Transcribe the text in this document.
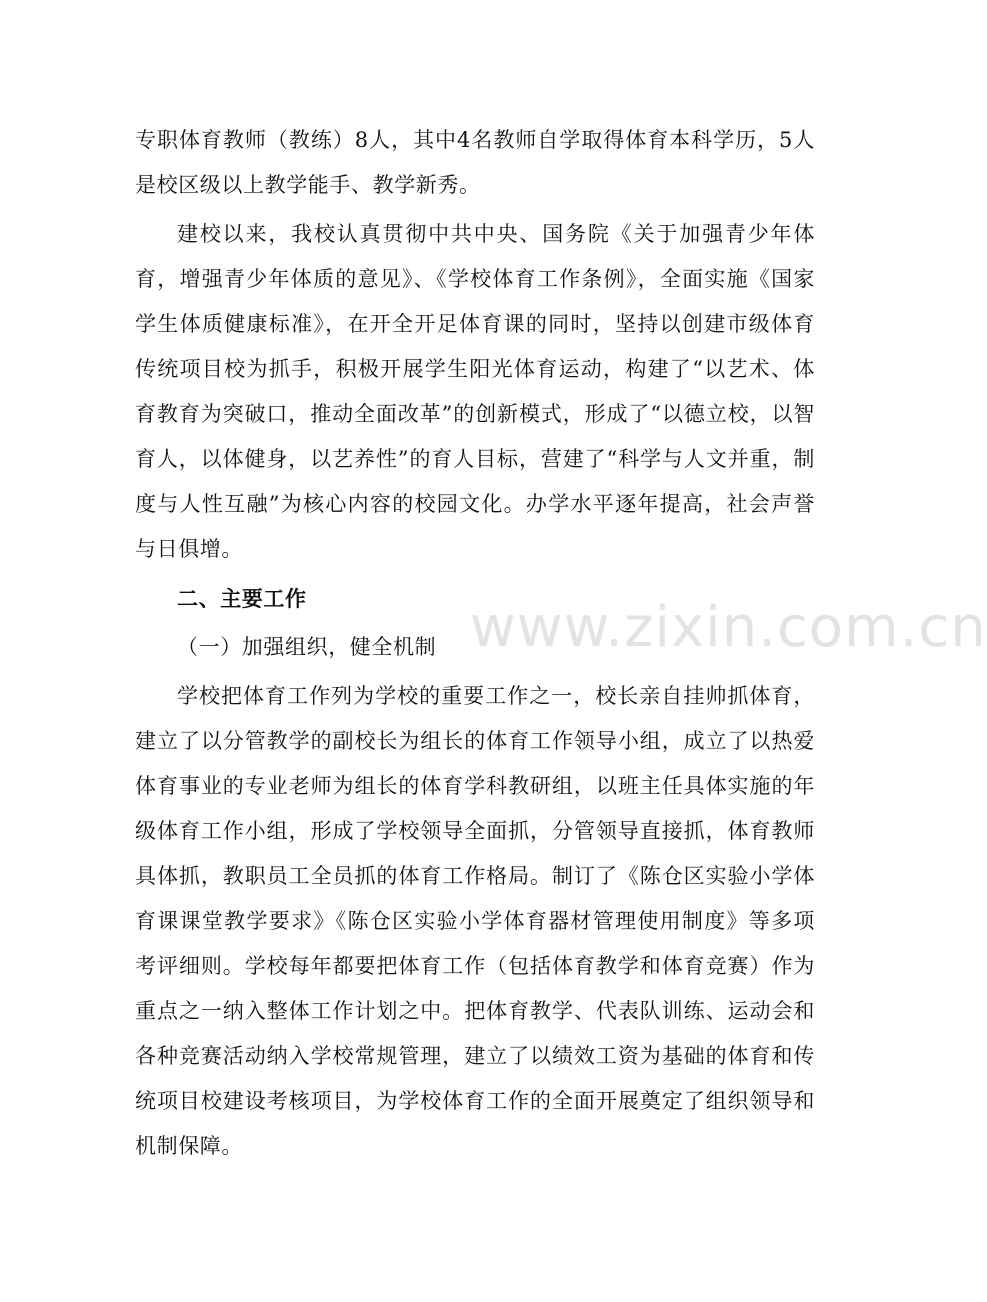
专职体育教师（教练）8人，其中4名教师自学取得体育本科学历，5人是校区级以上教学能手、教学新秀。

建校以来，我校认真贯彻中共中央、国务院《关于加强青少年体育，增强青少年体质的意见》、《学校体育工作条例》，全面实施《国家学生体质健康标准》，在开全开足体育课的同时，坚持以创建市级体育传统项目校为抓手，积极开展学生阳光体育运动，构建了“以艺术、体育教育为突破口，推动全面改革”的创新模式，形成了“以德立校，以智育人，以体健身，以艺养性”的育人目标，营建了“科学与人文并重，制度与人性互融”为核心内容的校园文化。办学水平逐年提高，社会声誉与日俱增。

二、主要工作

（一）加强组织，健全机制

学校把体育工作列为学校的重要工作之一，校长亲自挂帅抓体育，建立了以分管教学的副校长为组长的体育工作领导小组，成立了以热爱体育事业的专业老师为组长的体育学科教研组，以班主任具体实施的年级体育工作小组，形成了学校领导全面抓，分管领导直接抓，体育教师具体抓，教职员工全员抓的体育工作格局。制订了《陈仓区实验小学体育课课堂教学要求》《陈仓区实验小学体育器材管理使用制度》等多项考评细则。学校每年都要把体育工作（包括体育教学和体育竞赛）作为重点之一纳入整体工作计划之中。把体育教学、代表队训练、运动会和各种竞赛活动纳入学校常规管理，建立了以绩效工资为基础的体育和传统项目校建设考核项目，为学校体育工作的全面开展奠定了组织领导和机制保障。

www.zixin.com.cn
